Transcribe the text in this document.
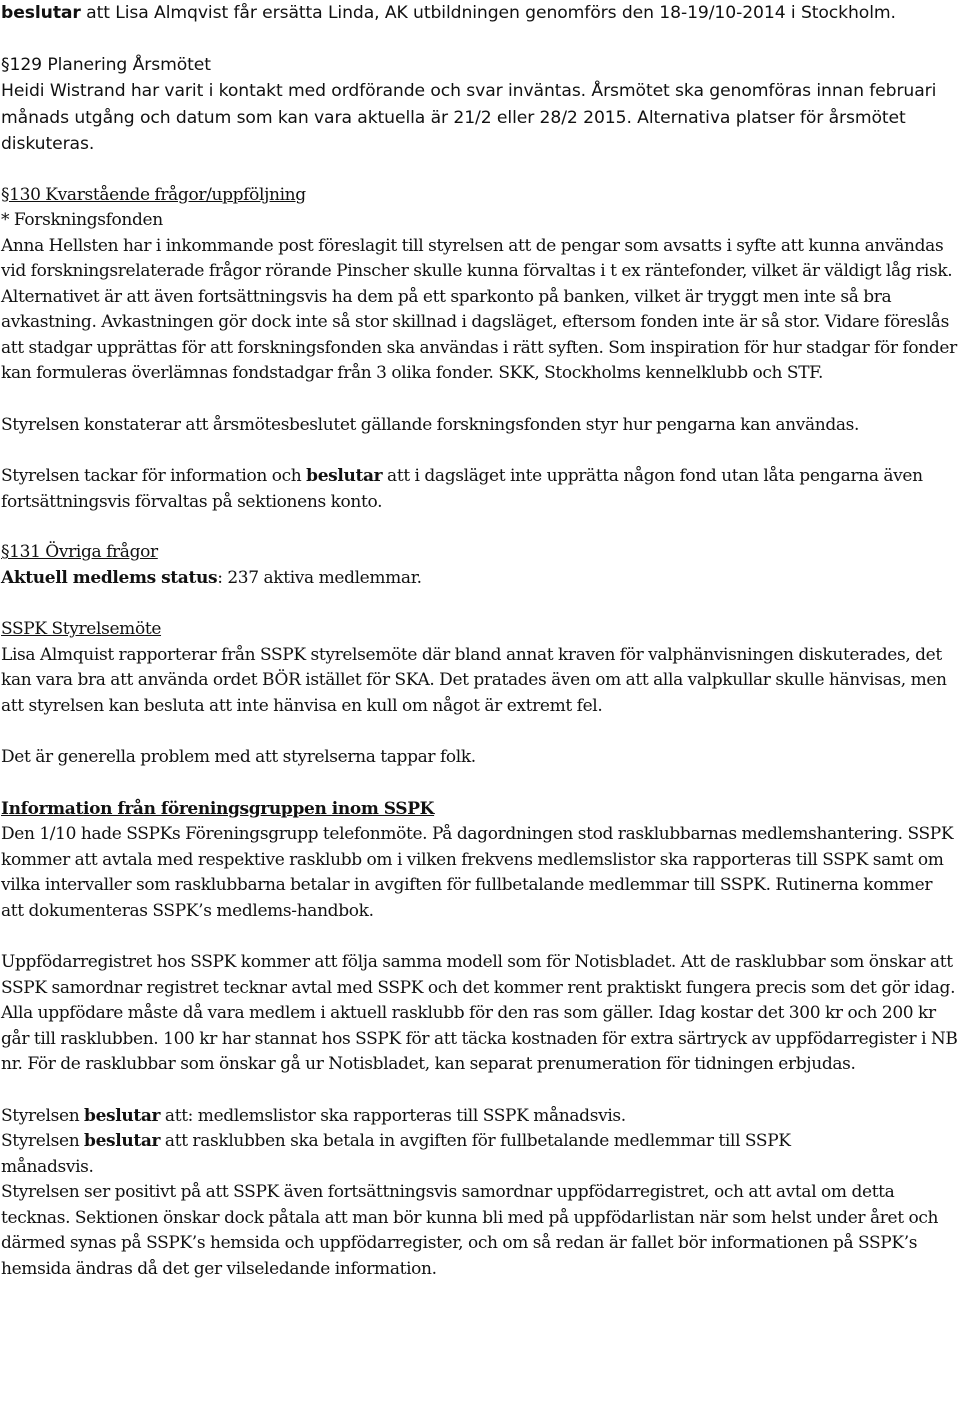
beslutar att Lisa Almqvist får ersätta Linda, AK utbildningen genomförs den 18-19/10-2014 i Stockholm.
§129 Planering Årsmötet
Heidi Wistrand har varit i kontakt med ordförande och svar inväntas. Årsmötet ska genomföras innan februari månads utgång och datum som kan vara aktuella är 21/2 eller 28/2 2015. Alternativa platser för årsmötet diskuteras.
§130 Kvarstående frågor/uppföljning
* Forskningsfonden
Anna Hellsten har i inkommande post föreslagit till styrelsen att de pengar som avsatts i syfte att kunna användas vid forskningsrelaterade frågor rörande Pinscher skulle kunna förvaltas i t ex räntefonder, vilket är väldigt låg risk. Alternativet är att även fortsättningsvis ha dem på ett sparkonto på banken, vilket är tryggt men inte så bra avkastning. Avkastningen gör dock inte så stor skillnad i dagsläget, eftersom fonden inte är så stor. Vidare föreslås att stadgar upprättas för att forskningsfonden ska användas i rätt syften. Som inspiration för hur stadgar för fonder kan formuleras överlämnas fondstadgar från 3 olika fonder. SKK, Stockholms kennelklubb och STF.
Styrelsen konstaterar att årsmötesbeslutet gällande forskningsfonden styr hur pengarna kan användas.
Styrelsen tackar för information och beslutar att i dagsläget inte upprätta någon fond utan låta pengarna även fortsättningsvis förvaltas på sektionens konto.
§131 Övriga frågor
Aktuell medlems status: 237 aktiva medlemmar.
SSPK Styrelsemöte
Lisa Almquist rapporterar från SSPK styrelsemöte där bland annat kraven för valphänvisningen diskuterades, det kan vara bra att använda ordet BÖR istället för SKA. Det pratades även om att alla valpkullar skulle hänvisas, men att styrelsen kan besluta att inte hänvisa en kull om något är extremt fel.
Det är generella problem med att styrelserna tappar folk.
Information från föreningsgruppen inom SSPK
Den 1/10 hade SSPKs Föreningsgrupp telefonmöte. På dagordningen stod rasklubbarnas medlemshantering. SSPK kommer att avtala med respektive rasklubb om i vilken frekvens medlemslistor ska rapporteras till SSPK samt om vilka intervaller som rasklubbarna betalar in avgiften för fullbetalande medlemmar till SSPK. Rutinerna kommer att dokumenteras SSPK’s medlems-handbok.
Uppfödarregistret hos SSPK kommer att följa samma modell som för Notisbladet. Att de rasklubbar som önskar att SSPK samordnar registret tecknar avtal med SSPK och det kommer rent praktiskt fungera precis som det gör idag. Alla uppfödare måste då vara medlem i aktuell rasklubb för den ras som gäller. Idag kostar det 300 kr och 200 kr går till rasklubben. 100 kr har stannat hos SSPK för att täcka kostnaden för extra särtryck av uppfödarregister i NB nr. För de rasklubbar som önskar gå ur Notisbladet, kan separat prenumeration för tidningen erbjudas.
Styrelsen beslutar att: medlemslistor ska rapporteras till SSPK månadsvis.
Styrelsen beslutar att rasklubben ska betala in avgiften för fullbetalande medlemmar till SSPK månadsvis.
Styrelsen ser positivt på att SSPK även fortsättningsvis samordnar uppfödarregistret, och att avtal om detta tecknas. Sektionen önskar dock påtala att man bör kunna bli med på uppfödarlistan när som helst under året och därmed synas på SSPK’s hemsida och uppfödarregister, och om så redan är fallet bör informationen på SSPK’s hemsida ändras då det ger vilseledande information.
